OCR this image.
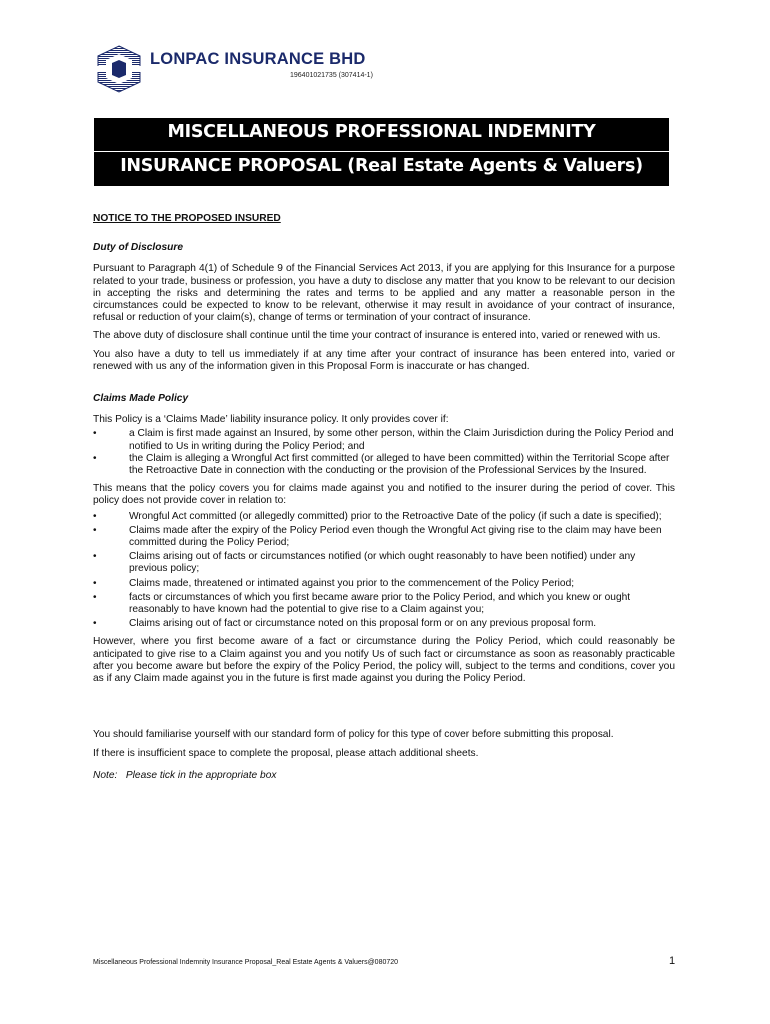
LONPAC INSURANCE BHD
196401021735 (307414-1)
MISCELLANEOUS PROFESSIONAL INDEMNITY
INSURANCE PROPOSAL (Real Estate Agents & Valuers)

NOTICE TO THE PROPOSED INSURED

Duty of Disclosure

Pursuant to Paragraph 4(1) of Schedule 9 of the Financial Services Act 2013, if you are applying for this Insurance for a purpose related to your trade, business or profession, you have a duty to disclose any matter that you know to be relevant to our decision in accepting the risks and determining the rates and terms to be applied and any matter a reasonable person in the circumstances could be expected to know to be relevant, otherwise it may result in avoidance of your contract of insurance, refusal or reduction of your claim(s), change of terms or termination of your contract of insurance.

The above duty of disclosure shall continue until the time your contract of insurance is entered into, varied or renewed with us.

You also have a duty to tell us immediately if at any time after your contract of insurance has been entered into, varied or renewed with us any of the information given in this Proposal Form is inaccurate or has changed.

Claims Made Policy

This Policy is a ‘Claims Made’ liability insurance policy. It only provides cover if:

• a Claim is first made against an Insured, by some other person, within the Claim Jurisdiction during the Policy Period and notified to Us in writing during the Policy Period; and
• the Claim is alleging a Wrongful Act first committed (or alleged to have been committed) within the Territorial Scope after the Retroactive Date in connection with the conducting or the provision of the Professional Services by the Insured.

This means that the policy covers you for claims made against you and notified to the insurer during the period of cover. This policy does not provide cover in relation to:

• Wrongful Act committed (or allegedly committed) prior to the Retroactive Date of the policy (if such a date is specified);
• Claims made after the expiry of the Policy Period even though the Wrongful Act giving rise to the claim may have been committed during the Policy Period;
• Claims arising out of facts or circumstances notified (or which ought reasonably to have been notified) under any previous policy;
• Claims made, threatened or intimated against you prior to the commencement of the Policy Period;
• facts or circumstances of which you first became aware prior to the Policy Period, and which you knew or ought reasonably to have known had the potential to give rise to a Claim against you;
• Claims arising out of fact or circumstance noted on this proposal form or on any previous proposal form.

However, where you first become aware of a fact or circumstance during the Policy Period, which could reasonably be anticipated to give rise to a Claim against you and you notify Us of such fact or circumstance as soon as reasonably practicable after you become aware but before the expiry of the Policy Period, the policy will, subject to the terms and conditions, cover you as if any Claim made against you in the future is first made against you during the Policy Period.

You should familiarise yourself with our standard form of policy for this type of cover before submitting this proposal.

If there is insufficient space to complete the proposal, please attach additional sheets.

Note:   Please tick in the appropriate box

Miscellaneous Professional Indemnity Insurance Proposal_Real Estate Agents & Valuers@080720	1
